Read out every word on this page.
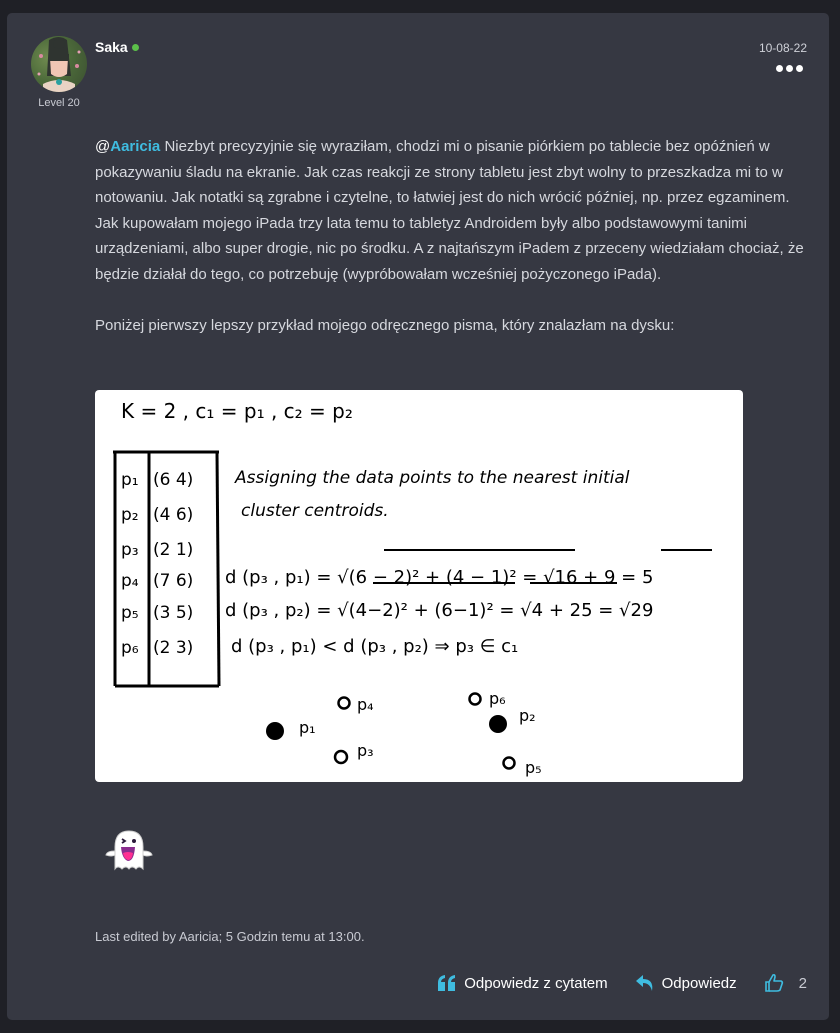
Level 20
Saka	10-08-22

@Aaricia Niezbyt precyzyjnie się wyraziłam, chodzi mi o pisanie piórkiem po tablecie bez opóźnień w pokazywaniu śladu na ekranie. Jak czas reakcji ze strony tabletu jest zbyt wolny to przeszkadza mi to w notowaniu. Jak notatki są zgrabne i czytelne, to łatwiej jest do nich wrócić później, np. przez egzaminem. Jak kupowałam mojego iPada trzy lata temu to tabletyz Androidem były albo podstawowymi tanimi urządzeniami, albo super drogie, nic po środku. A z najtańszym iPadem z przeceny wiedziałam chociaż, że będzie działał do tego, co potrzebuję (wypróbowałam wcześniej pożyczonego iPada).

Poniżej pierwszy lepszy przykład mojego odręcznego pisma, który znalazłam na dysku:

K = 2 , c₁ = p₁ , c₂ = p₂
p₁ (6 4)
p₂ (4 6)
p₃ (2 1)
p₄ (7 6)
p₅ (3 5)
p₆ (2 3)
Assigning the data points to the nearest initial
cluster centroids.
d (p₃ , p₁) = √(6 − 2)² + (4 − 1)² = √16 + 9 = 5
d (p₃ , p₂) = √(4−2)² + (6−1)² = √4 + 25 = √29
d (p₃ , p₁) < d (p₃ , p₂) ⇒ p₃ ∈ c₁
p₁
p₄
p₃
p₆
p₂
p₅
Last edited by Aaricia; 5 Godzin temu at 13:00.
Odpowiedz z cytatem	Odpowiedz	2
